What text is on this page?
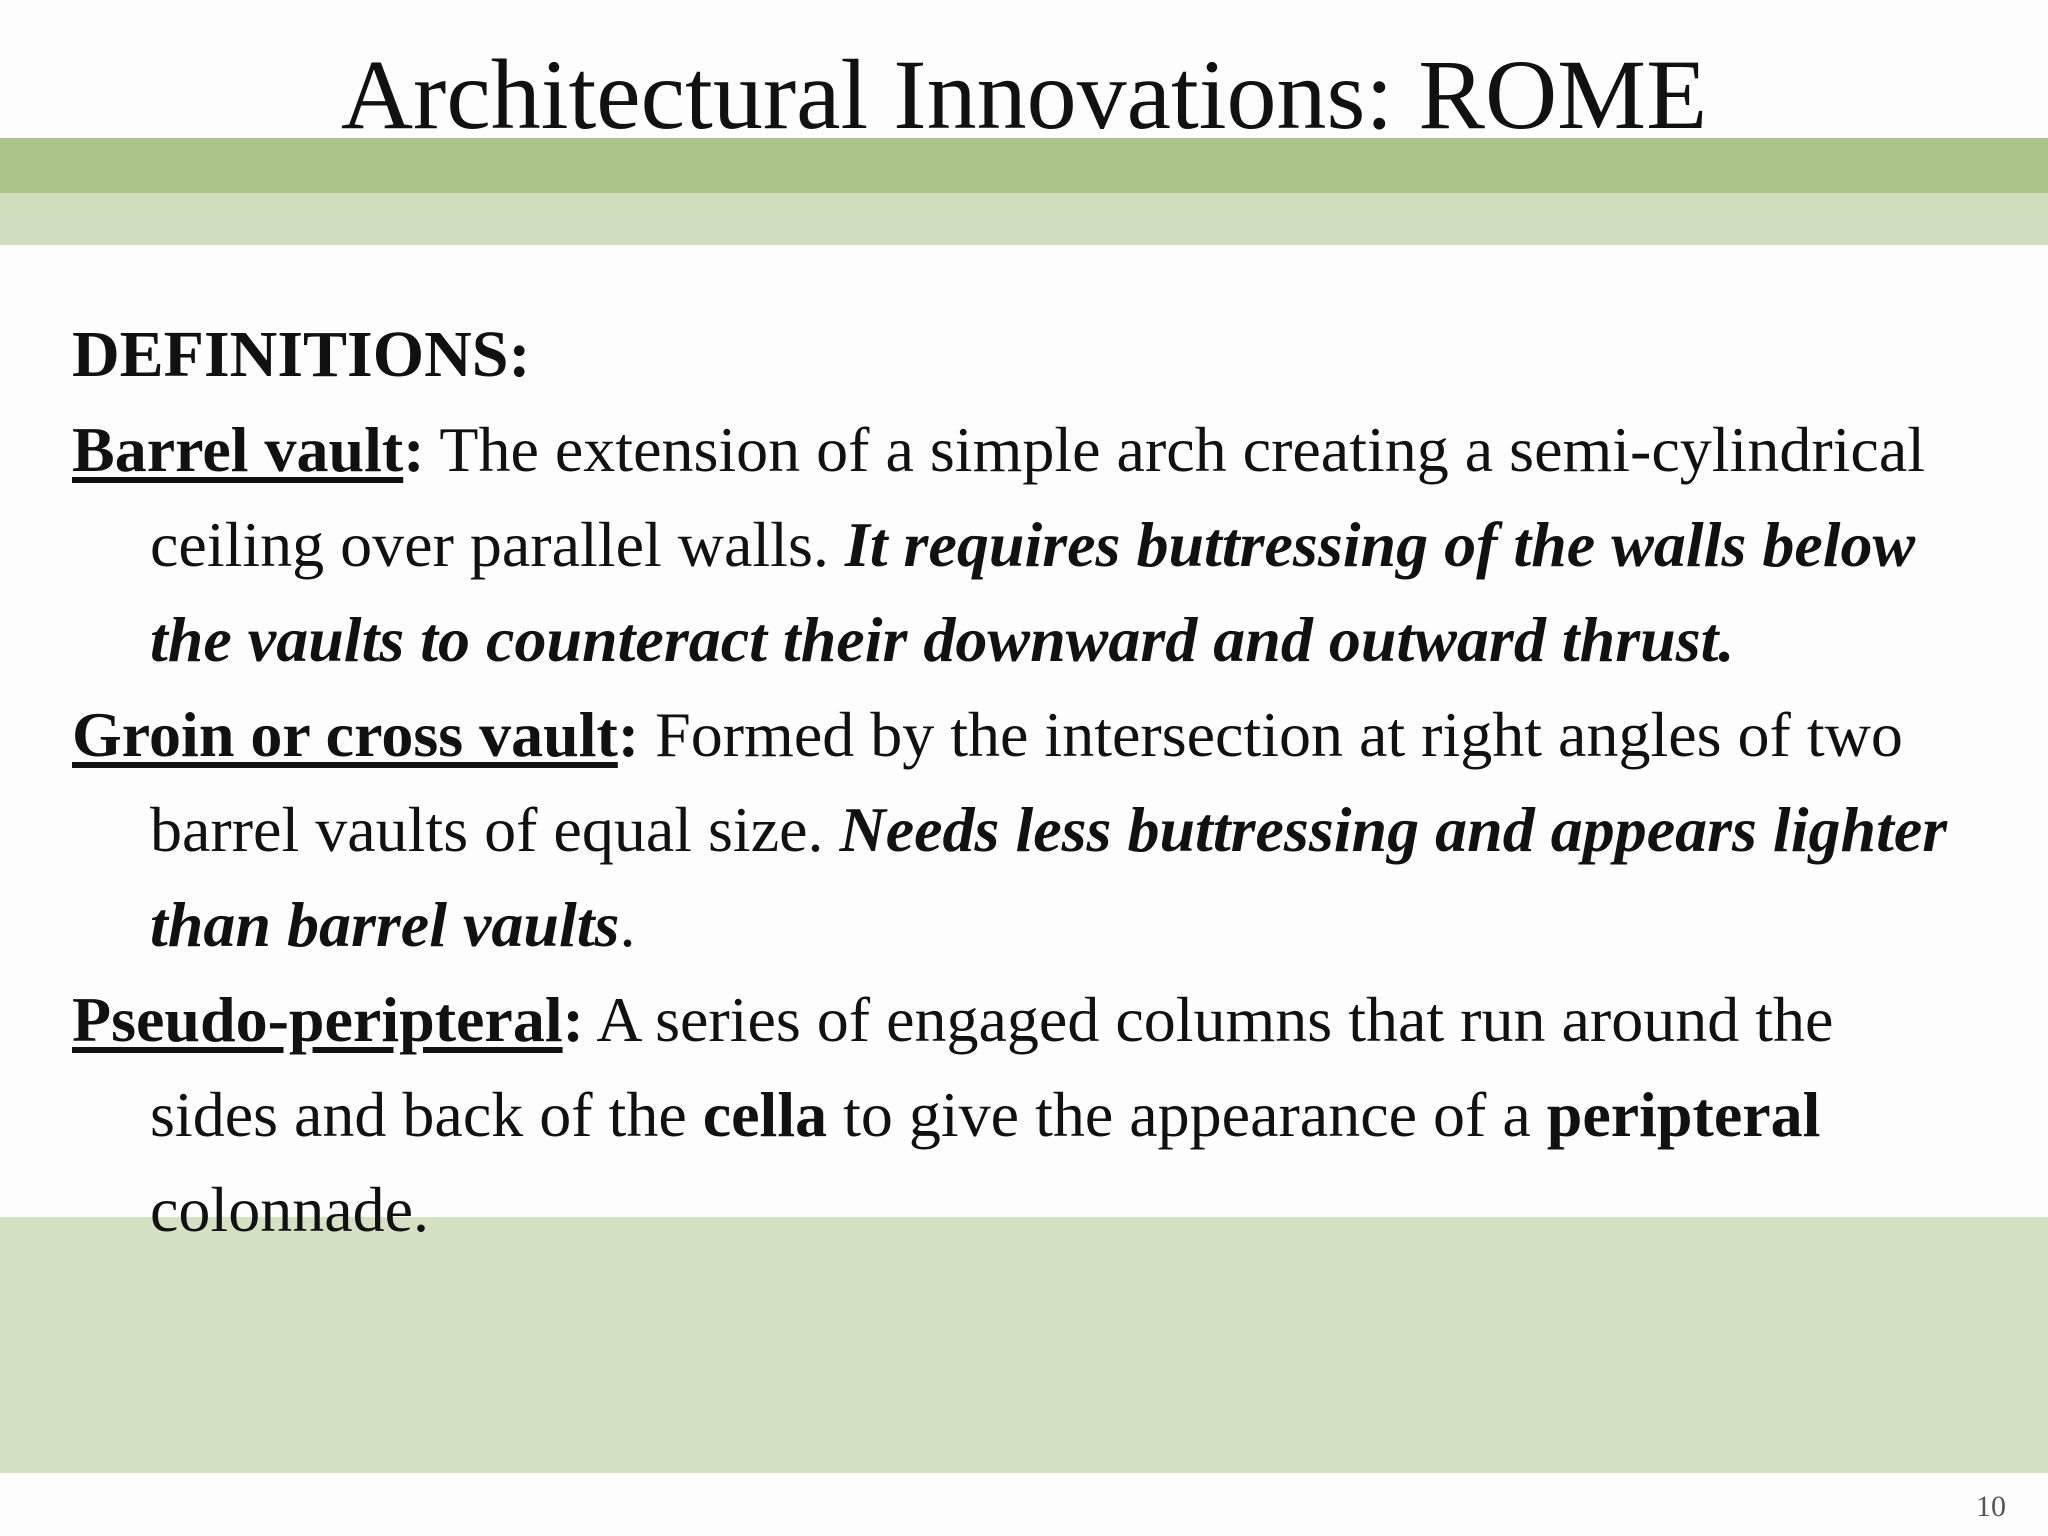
Architectural Innovations: ROME

DEFINITIONS:

Barrel vault: The extension of a simple arch creating a semi-cylindrical ceiling over parallel walls. It requires buttressing of the walls below the vaults to counteract their downward and outward thrust.

Groin or cross vault: Formed by the intersection at right angles of two barrel vaults of equal size. Needs less buttressing and appears lighter than barrel vaults.

Pseudo-peripteral: A series of engaged columns that run around the sides and back of the cella to give the appearance of a peripteral colonnade.

10
